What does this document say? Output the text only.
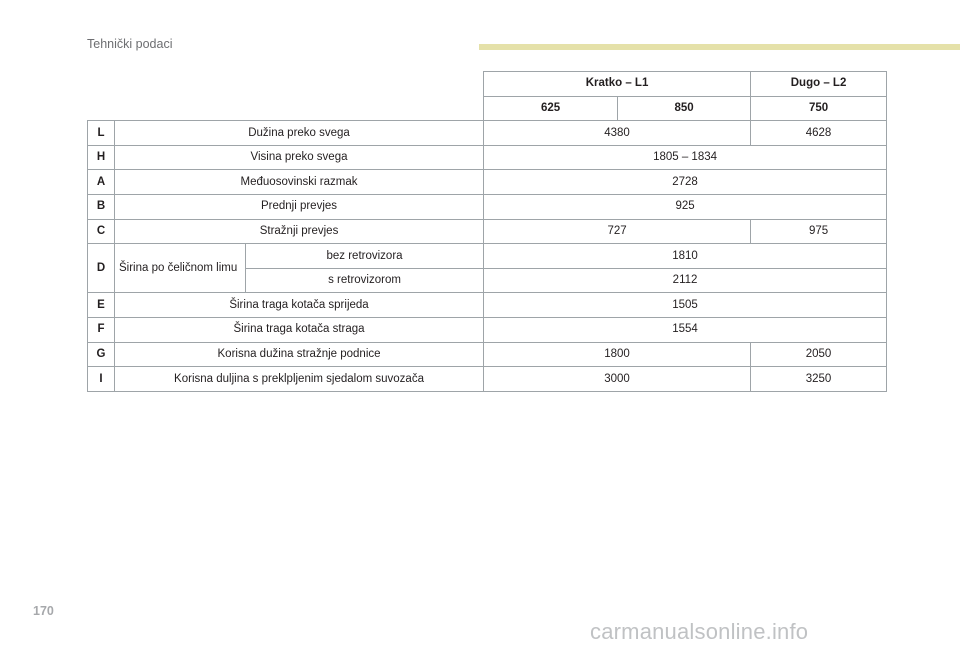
Tehnički podaci
			Kratko – L1		Dugo – L2
			625	850	750
L	Dužina preko svega		4380		4628
H	Visina preko svega		1805 – 1834		
A	Međuosovinski razmak		2728		
B	Prednji prevjes		925		
C	Stražnji prevjes		727		975
D	Širina po čeličnom limu	bez retrovizora	1810		
		s retrovizorom	2112		
E	Širina traga kotača sprijeda		1505		
F	Širina traga kotača straga		1554		
G	Korisna dužina stražnje podnice		1800		2050
I	Korisna duljina s preklpljenim sjedalom suvozača		3000		3250
170
carmanualsonline.info
